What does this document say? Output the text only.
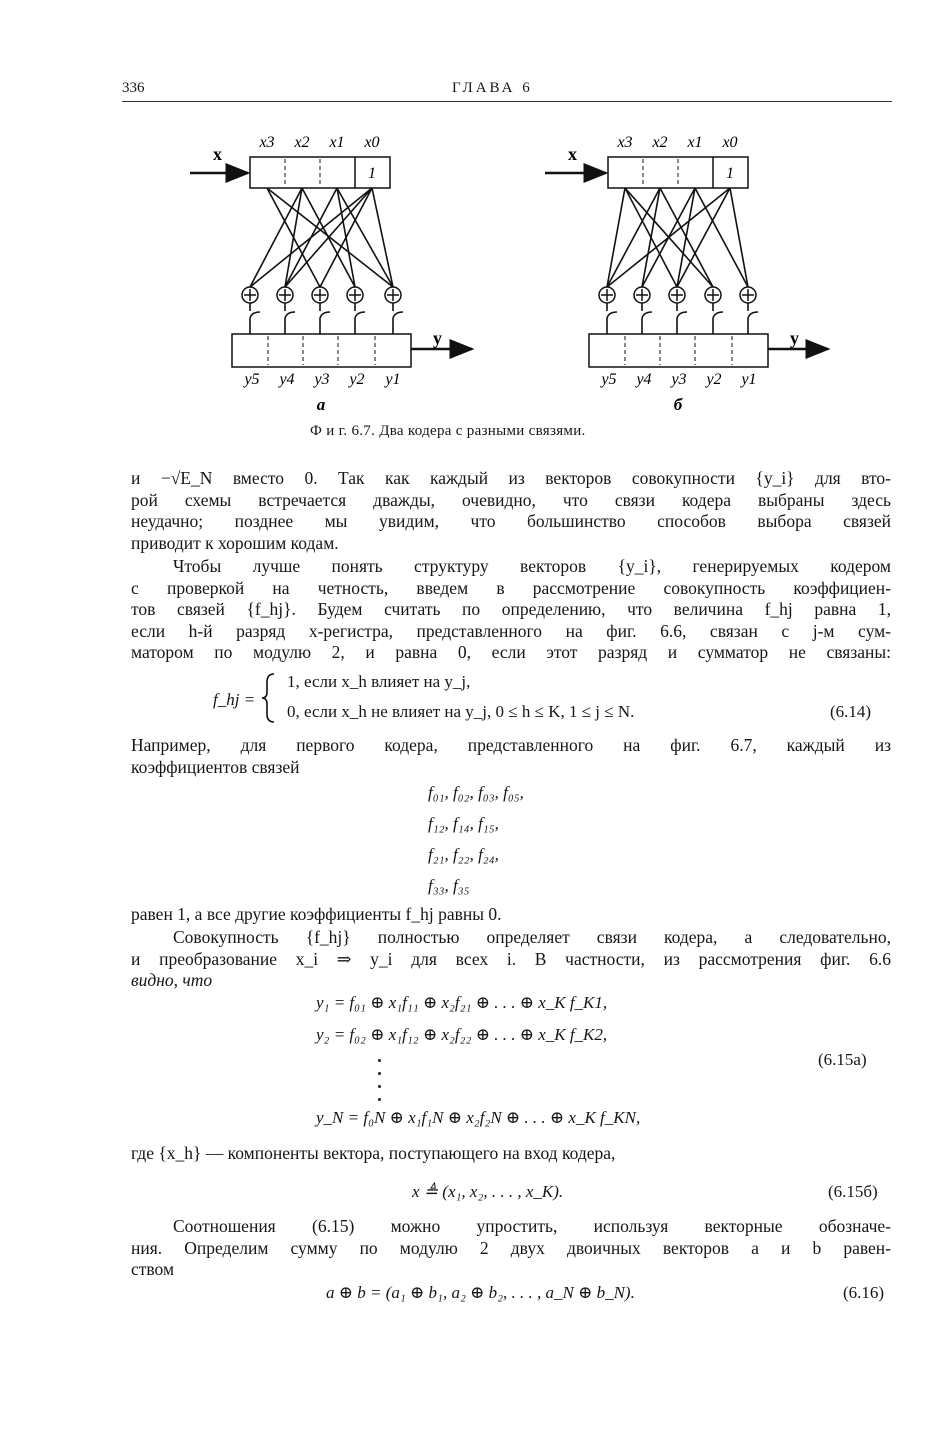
336	ГЛАВА 6
x
1
x3 x2 x1 x0
y
y5 y4 y3 y2 y1
а
x
1
x3 x2 x1 x0
y
y5 y4 y3 y2 y1
б
Ф и г. 6.7. Два кодера с разными связями.
и −√E_N вместо 0. Так как каждый из векторов совокупности {y_i} для вто-
рой схемы встречается дважды, очевидно, что связи кодера выбраны здесь
неудачно; позднее мы увидим, что большинство способов выбора связей
приводит к хорошим кодам.
Чтобы лучше понять структуру векторов {y_i}, генерируемых кодером
с проверкой на четность, введем в рассмотрение совокупность коэффициен-
тов связей {f_hj}. Будем считать по определению, что величина f_hj равна 1,
если h-й разряд x-регистра, представленного на фиг. 6.6, связан с j-м сум-
матором по модулю 2, и равна 0, если этот разряд и сумматор не связаны:
f_hj =
1, если x_h влияет на y_j,
0, если x_h не влияет на y_j, 0 ≤ h ≤ K, 1 ≤ j ≤ N.	(6.14)
Например, для первого кодера, представленного на фиг. 6.7, каждый из
коэффициентов связей
f₀₁, f₀₂, f₀₃, f₀₅,
f₁₂, f₁₄, f₁₅,
f₂₁, f₂₂, f₂₄,
f₃₃, f₃₅
равен 1, а все другие коэффициенты f_hj равны 0.
Совокупность {f_hj} полностью определяет связи кодера, а следовательно,
и преобразование x_i ⇒ y_i для всех i. В частности, из рассмотрения фиг. 6.6
видно, что
y₁ = f₀₁ ⊕ x₁f₁₁ ⊕ x₂f₂₁ ⊕ . . . ⊕ x_K f_K1,
y₂ = f₀₂ ⊕ x₁f₁₂ ⊕ x₂f₂₂ ⊕ . . . ⊕ x_K f_K2,
(6.15а)
y_N = f₀N ⊕ x₁f₁N ⊕ x₂f₂N ⊕ . . . ⊕ x_K f_KN,
где {x_h} — компоненты вектора, поступающего на вход кодера,
x ≜ (x₁, x₂, . . . , x_K).	(6.15б)
Соотношения (6.15) можно упростить, используя векторные обозначе-
ния. Определим сумму по модулю 2 двух двоичных векторов a и b равен-
ством
a ⊕ b = (a₁ ⊕ b₁, a₂ ⊕ b₂, . . . , a_N ⊕ b_N).	(6.16)
